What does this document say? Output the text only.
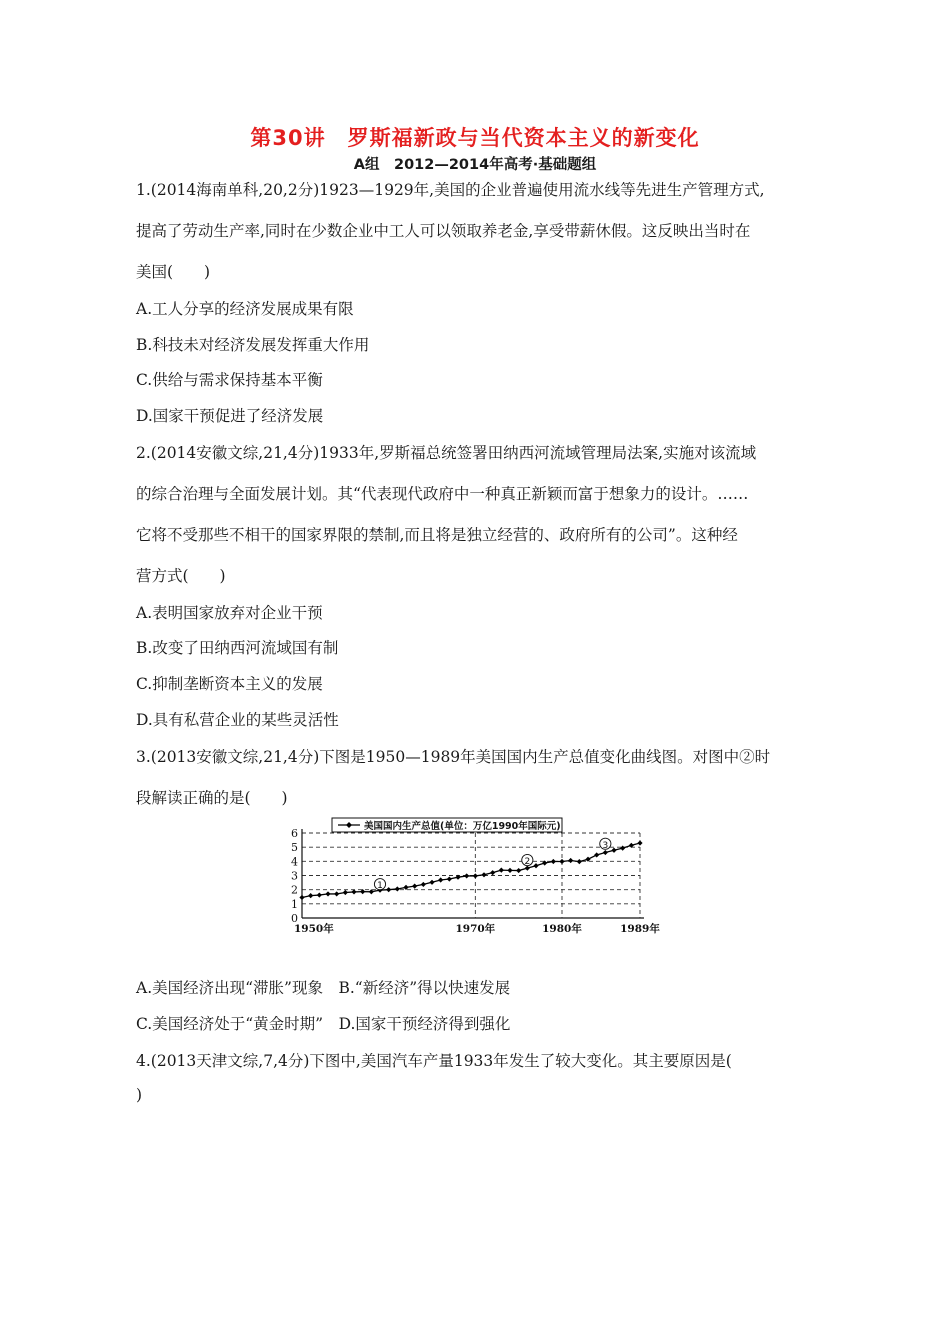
第30讲　罗斯福新政与当代资本主义的新变化
A组　2012—2014年高考·基础题组
1.(2014海南单科,20,2分)1923—1929年,美国的企业普遍使用流水线等先进生产管理方式,
提高了劳动生产率,同时在少数企业中工人可以领取养老金,享受带薪休假。这反映出当时在
美国(　　)
A.工人分享的经济发展成果有限
B.科技未对经济发展发挥重大作用
C.供给与需求保持基本平衡
D.国家干预促进了经济发展
2.(2014安徽文综,21,4分)1933年,罗斯福总统签署田纳西河流域管理局法案,实施对该流域
的综合治理与全面发展计划。其“代表现代政府中一种真正新颖而富于想象力的设计。……
它将不受那些不相干的国家界限的禁制,而且将是独立经营的、政府所有的公司”。这种经
营方式(　　)
A.表明国家放弃对企业干预
B.改变了田纳西河流域国有制
C.抑制垄断资本主义的发展
D.具有私营企业的某些灵活性
3.(2013安徽文综,21,4分)下图是1950—1989年美国国内生产总值变化曲线图。对图中②时
段解读正确的是(　　)
0
1
2
3
4
5
6
1950年	1970年	1980年	1989年
美国国内生产总值(单位：万亿1990年国际元)
1
2
3
A.美国经济出现“滞胀”现象　B.“新经济”得以快速发展
C.美国经济处于“黄金时期”　D.国家干预经济得到强化
4.(2013天津文综,7,4分)下图中,美国汽车产量1933年发生了较大变化。其主要原因是(
)
